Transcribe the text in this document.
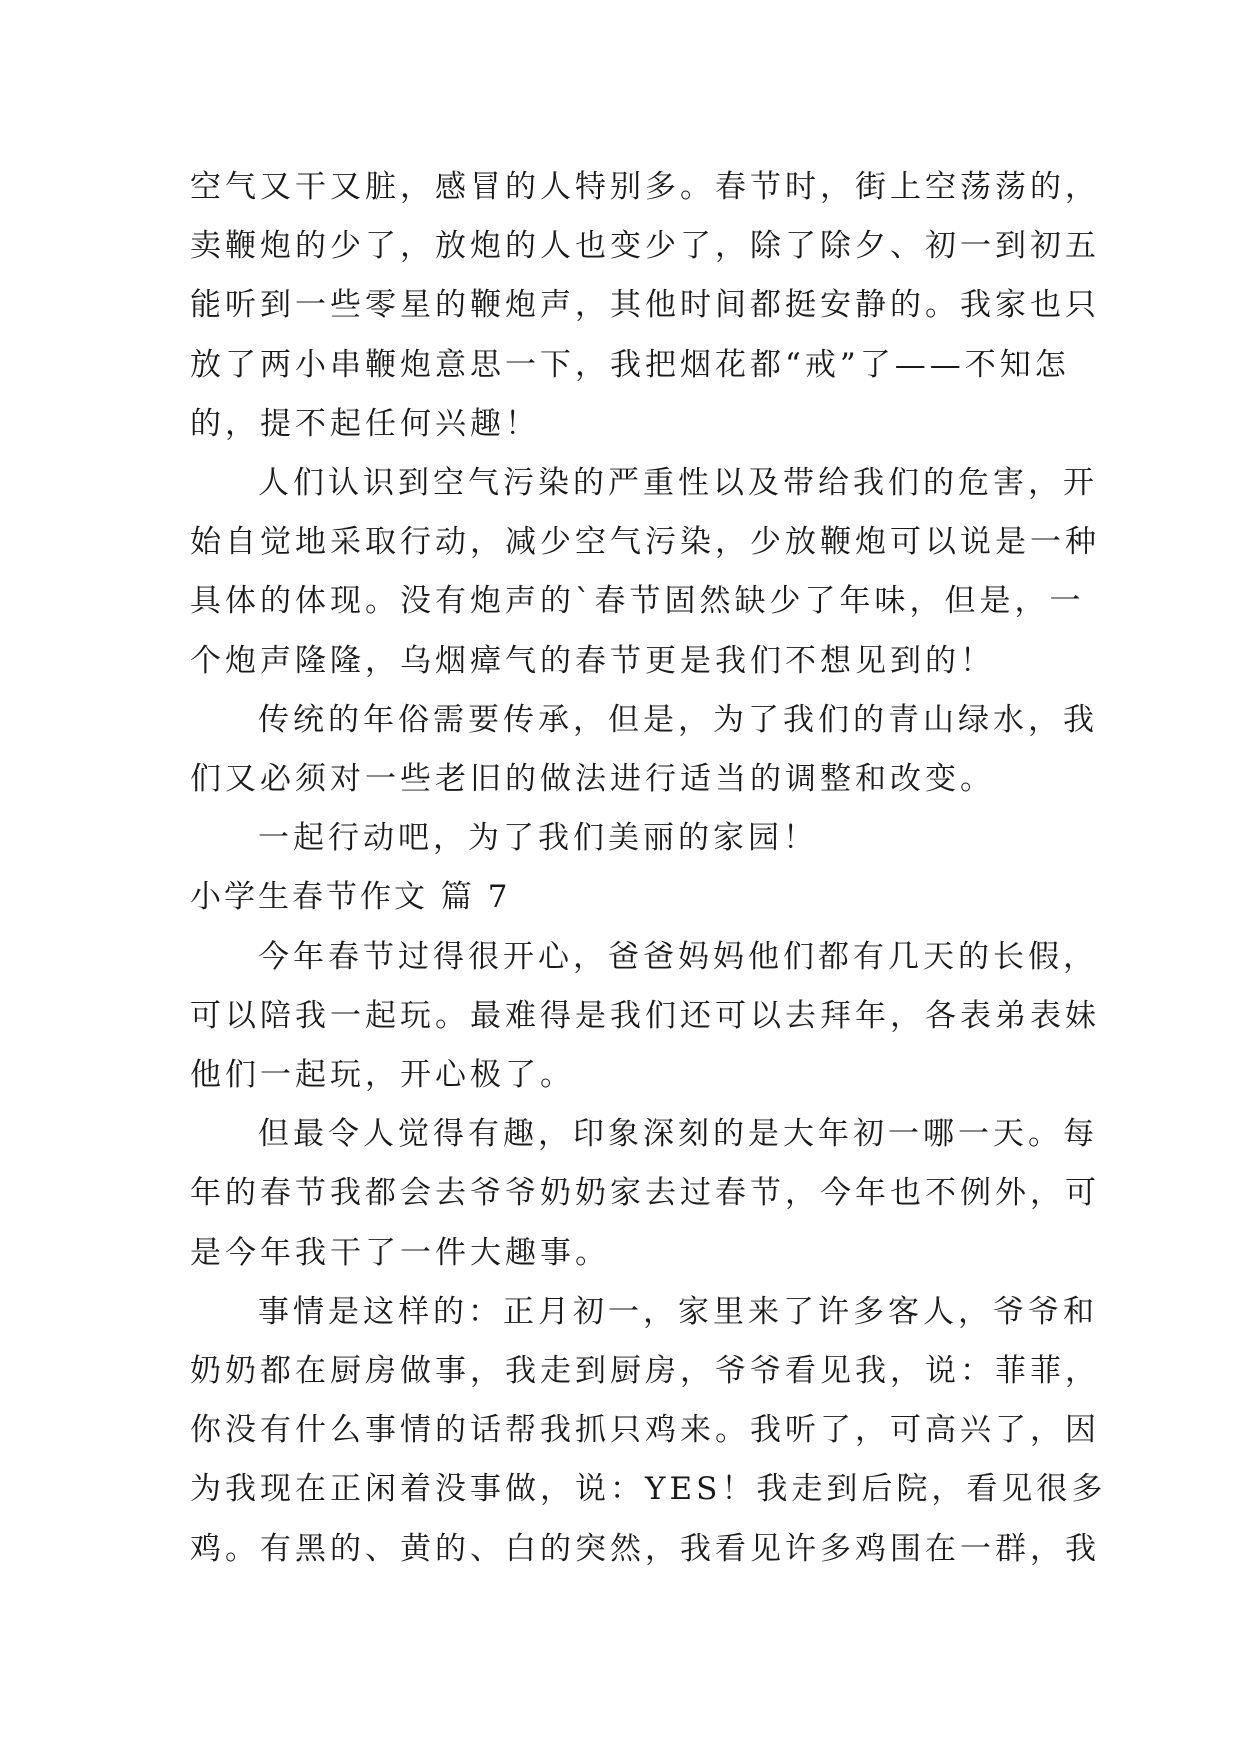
空气又干又脏，感冒的人特别多。春节时，街上空荡荡的，
卖鞭炮的少了，放炮的人也变少了，除了除夕、初一到初五
能听到一些零星的鞭炮声，其他时间都挺安静的。我家也只
放了两小串鞭炮意思一下，我把烟花都“戒”了——不知怎
的，提不起任何兴趣！
人们认识到空气污染的严重性以及带给我们的危害，开
始自觉地采取行动，减少空气污染，少放鞭炮可以说是一种
具体的体现。没有炮声的`春节固然缺少了年味，但是，一
个炮声隆隆，乌烟瘴气的春节更是我们不想见到的！
传统的年俗需要传承，但是，为了我们的青山绿水，我
们又必须对一些老旧的做法进行适当的调整和改变。
一起行动吧，为了我们美丽的家园！
小学生春节作文 篇 7
今年春节过得很开心，爸爸妈妈他们都有几天的长假，
可以陪我一起玩。最难得是我们还可以去拜年，各表弟表妹
他们一起玩，开心极了。
但最令人觉得有趣，印象深刻的是大年初一哪一天。每
年的春节我都会去爷爷奶奶家去过春节，今年也不例外，可
是今年我干了一件大趣事。
事情是这样的：正月初一，家里来了许多客人，爷爷和
奶奶都在厨房做事，我走到厨房，爷爷看见我，说：菲菲，
你没有什么事情的话帮我抓只鸡来。我听了，可高兴了，因
为我现在正闲着没事做，说：YES！我走到后院，看见很多
鸡。有黑的、黄的、白的突然，我看见许多鸡围在一群，我
